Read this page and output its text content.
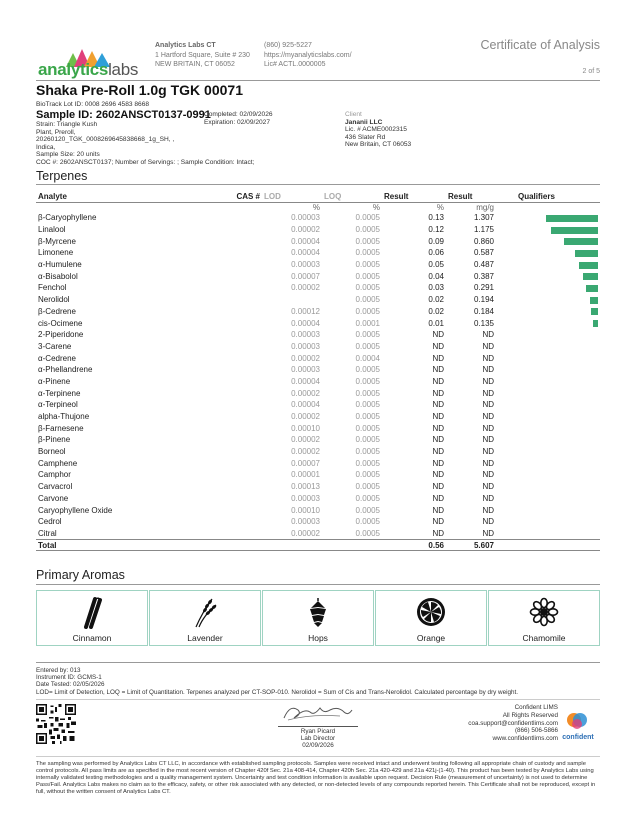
analyticslabs
Analytics Labs CT
1 Hartford Square, Suite # 230
NEW BRITAIN, CT 06052
(860) 925-5227
https://myanalyticslabs.com/
Lic# ACTL.0000005
Certificate of Analysis
2 of 5
Shaka Pre-Roll 1.0g TGK 00071
BioTrack Lot ID: 0008 2696 4583 8668
Sample ID: 2602ANSCT0137-0991
Strain: Triangle Kush
Plant, Preroll,
20260120_TGK_0008269645838668_1g_SH, ,
Indica,
Sample Size: 20 units
COC #: 2602ANSCT0137; Number of Servings: ; Sample Condition: Intact;
Completed: 02/09/2026
Expiration: 02/09/2027
Client
Jananii LLC
Lic. # ACME0002315
436 Slater Rd
New Britain, CT 06053
Terpenes
Analyte	CAS #	LOD	LOQ	Result	Result	Qualifiers
		%	%	%	mg/g	
β-Caryophyllene		0.00003	0.0005	0.13	1.307	

Linalool		0.00002	0.0005	0.12	1.175	

β-Myrcene		0.00004	0.0005	0.09	0.860	

Limonene		0.00004	0.0005	0.06	0.587	

α-Humulene		0.00003	0.0005	0.05	0.487	

α-Bisabolol		0.00007	0.0005	0.04	0.387	

Fenchol		0.00002	0.0005	0.03	0.291	

Nerolidol			0.0005	0.02	0.194	

β-Cedrene		0.00012	0.0005	0.02	0.184	

cis-Ocimene		0.00004	0.0001	0.01	0.135	

2-Piperidone		0.00003	0.0005	ND	ND	
3-Carene		0.00003	0.0005	ND	ND	
α-Cedrene		0.00002	0.0004	ND	ND	
α-Phellandrene		0.00003	0.0005	ND	ND	
α-Pinene		0.00004	0.0005	ND	ND	
α-Terpinene		0.00002	0.0005	ND	ND	
α-Terpineol		0.00004	0.0005	ND	ND	
alpha-Thujone		0.00002	0.0005	ND	ND	
β-Farnesene		0.00010	0.0005	ND	ND	
β-Pinene		0.00002	0.0005	ND	ND	
Borneol		0.00002	0.0005	ND	ND	
Camphene		0.00007	0.0005	ND	ND	
Camphor		0.00001	0.0005	ND	ND	
Carvacrol		0.00013	0.0005	ND	ND	
Carvone		0.00003	0.0005	ND	ND	
Caryophyllene Oxide		0.00010	0.0005	ND	ND	
Cedrol		0.00003	0.0005	ND	ND	
Citral		0.00002	0.0005	ND	ND	
Total				0.56	5.607	
Primary Aromas
Cinnamon	Lavender	Hops	Orange	Chamomile
Entered by: 013
Instrument ID: GCMS-1
Date Tested: 02/05/2026
LOD= Limit of Detection, LOQ = Limit of Quantitation. Terpenes analyzed per CT-SOP-010. Nerolidol = Sum of Cis and Trans-Nerolidol. Calculated percentage by dry weight.
Ryan Picard
Lab Director
02/09/2026
Confident LIMS
All Rights Reserved
coa.support@confidentlims.com
(866) 506-5866
www.confidentlims.com confident
The sampling was performed by Analytics Labs CT LLC, in accordance with established sampling protocols. Samples were received intact and underwent testing following all appropriate chain of custody and sample control protocols. All pass limits are as specified in the most recent version of Chapter 420f Sec. 21a 408-414, Chapter 420h Sec. 21a 420-429 and 21a 421j-(1-40). This product has been tested by Analytics Labs using internally validated testing methodologies and a quality management system. Uncertainty and test condition information is available upon request. Decision Rule (measurement of uncertainty) is not used to determine Pass/Fail. Analytics Labs makes no claim as to the efficacy, safety, or other risk associated with any detected, or non-detected levels of any compounds reported herein. This Certificate shall not be reproduced, except in full, without the written consent of Analytics Labs CT.
